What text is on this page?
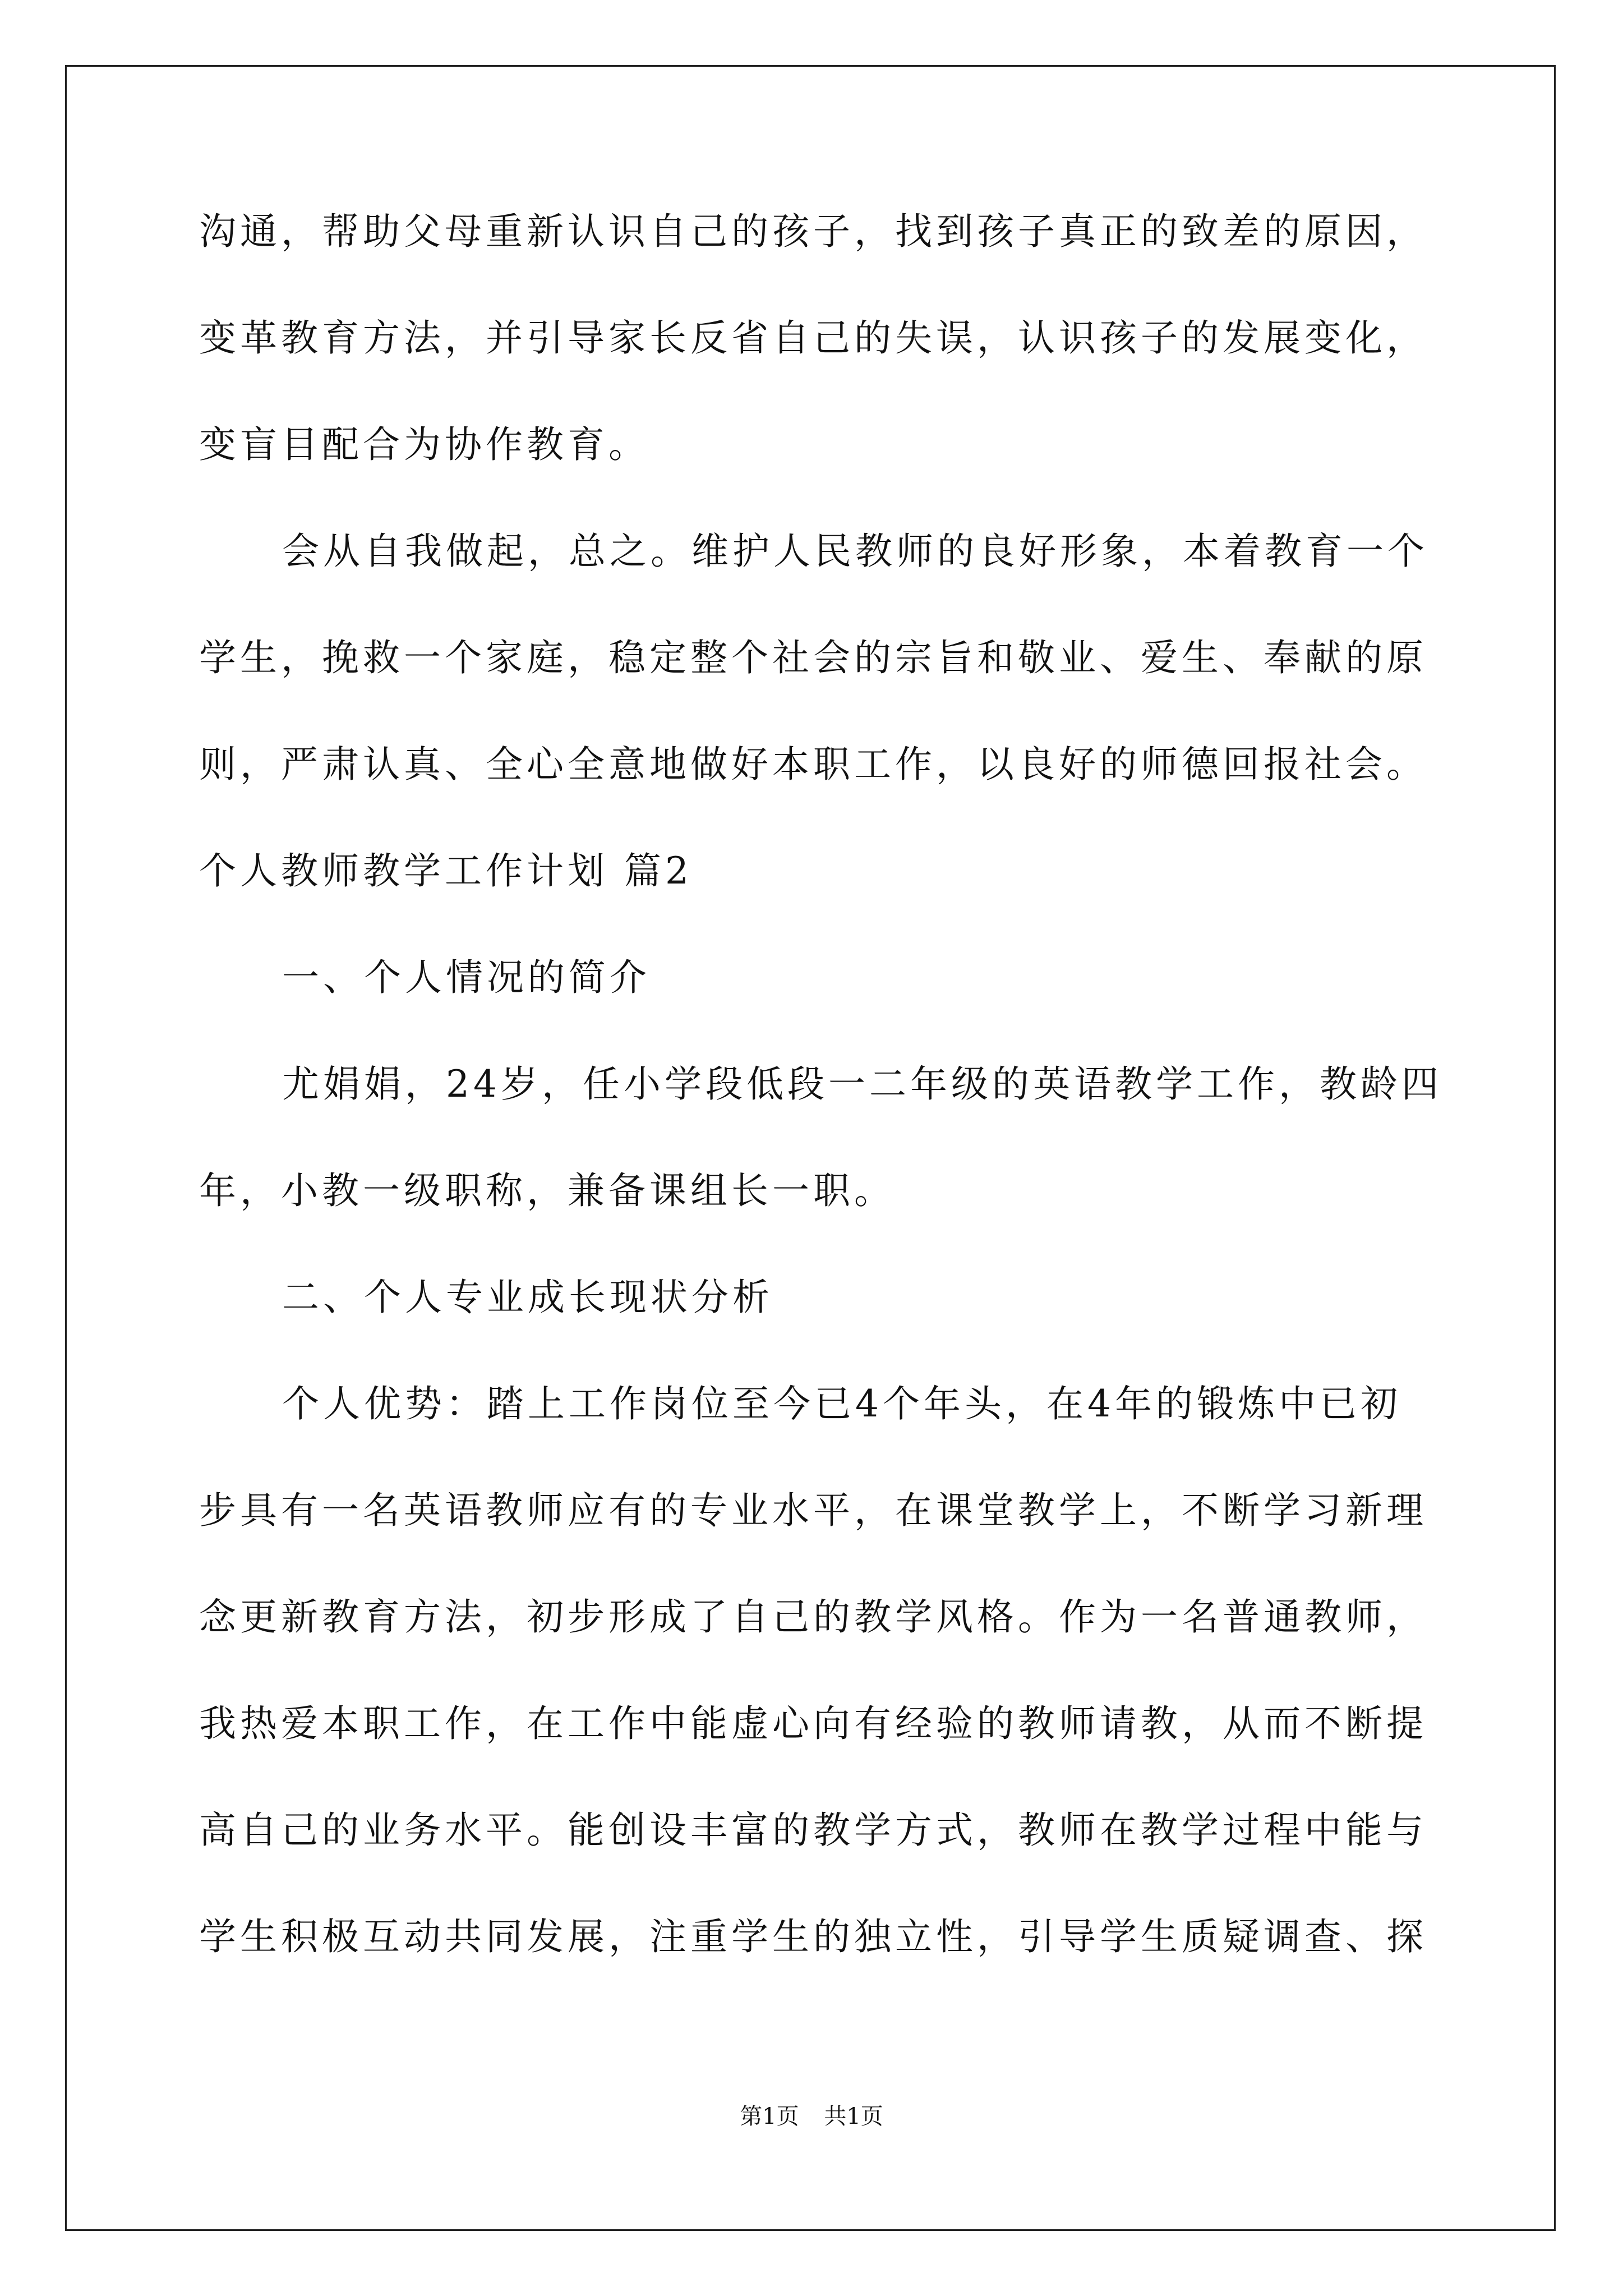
沟通，帮助父母重新认识自己的孩子，找到孩子真正的致差的原因，
变革教育方法，并引导家长反省自己的失误，认识孩子的发展变化，
变盲目配合为协作教育。
会从自我做起，总之。维护人民教师的良好形象，本着教育一个
学生，挽救一个家庭，稳定整个社会的宗旨和敬业、爱生、奉献的原
则，严肃认真、全心全意地做好本职工作，以良好的师德回报社会。
个人教师教学工作计划 篇2
一、个人情况的简介
尤娟娟，24岁，任小学段低段一二年级的英语教学工作，教龄四
年，小教一级职称，兼备课组长一职。
二、个人专业成长现状分析
个人优势：踏上工作岗位至今已4个年头，在4年的锻炼中已初
步具有一名英语教师应有的专业水平，在课堂教学上，不断学习新理
念更新教育方法，初步形成了自己的教学风格。作为一名普通教师，
我热爱本职工作，在工作中能虚心向有经验的教师请教，从而不断提
高自己的业务水平。能创设丰富的教学方式，教师在教学过程中能与
学生积极互动共同发展，注重学生的独立性，引导学生质疑调查、探
第1页 共1页
